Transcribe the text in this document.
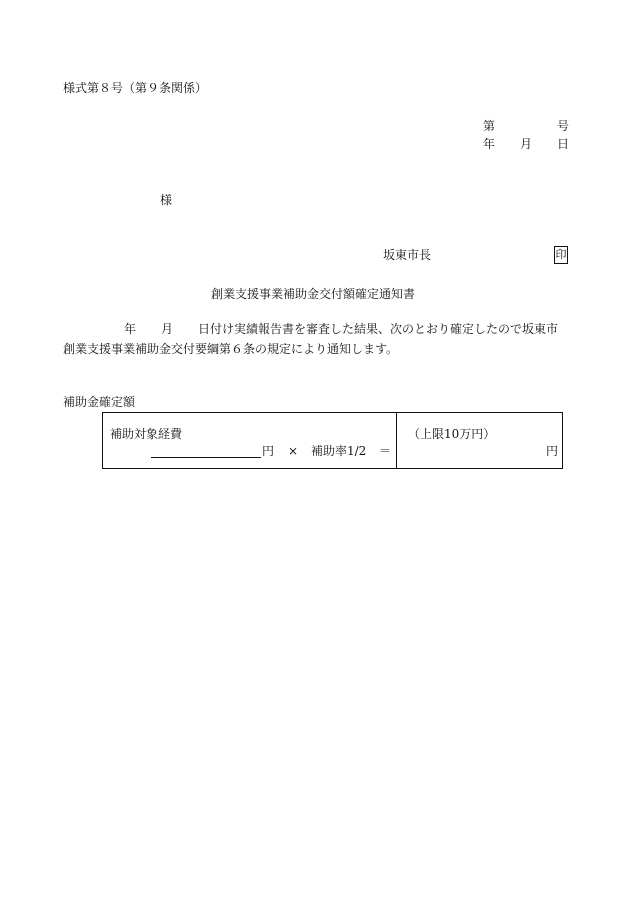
様式第８号（第９条関係）
第	号
年 月 日
様
坂東市長	印
創業支援事業補助金交付額確定通知書
年 月 日付け実績報告書を審査した結果、次のとおり確定したので坂東市
創業支援事業補助金交付要綱第６条の規定により通知します。
補助金確定額
補助対象経費
円 × 補助率1/2 ＝
（上限10万円）
円
